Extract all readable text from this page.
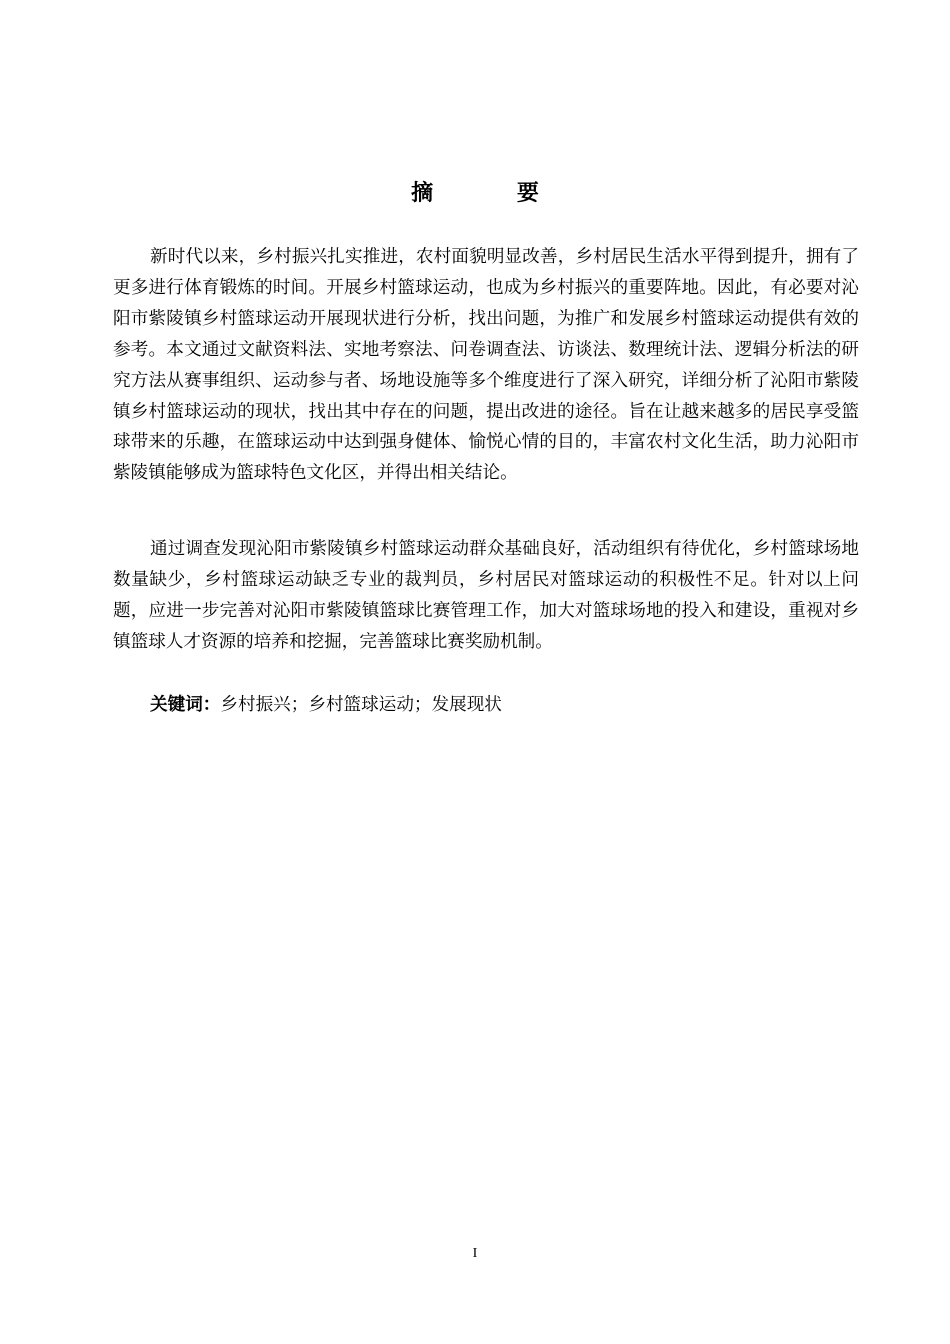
摘 要

新时代以来，乡村振兴扎实推进，农村面貌明显改善，乡村居民生活水平得到提升，拥有了更多进行体育锻炼的时间。开展乡村篮球运动，也成为乡村振兴的重要阵地。因此，有必要对沁阳市紫陵镇乡村篮球运动开展现状进行分析，找出问题，为推广和发展乡村篮球运动提供有效的参考。本文通过文献资料法、实地考察法、问卷调查法、访谈法、数理统计法、逻辑分析法的研究方法从赛事组织、运动参与者、场地设施等多个维度进行了深入研究，详细分析了沁阳市紫陵镇乡村篮球运动的现状，找出其中存在的问题，提出改进的途径。旨在让越来越多的居民享受篮球带来的乐趣，在篮球运动中达到强身健体、愉悦心情的目的，丰富农村文化生活，助力沁阳市紫陵镇能够成为篮球特色文化区，并得出相关结论。

通过调查发现沁阳市紫陵镇乡村篮球运动群众基础良好，活动组织有待优化，乡村篮球场地数量缺少，乡村篮球运动缺乏专业的裁判员，乡村居民对篮球运动的积极性不足。针对以上问题，应进一步完善对沁阳市紫陵镇篮球比赛管理工作，加大对篮球场地的投入和建设，重视对乡镇篮球人才资源的培养和挖掘，完善篮球比赛奖励机制。

关键词：乡村振兴；乡村篮球运动；发展现状
I
